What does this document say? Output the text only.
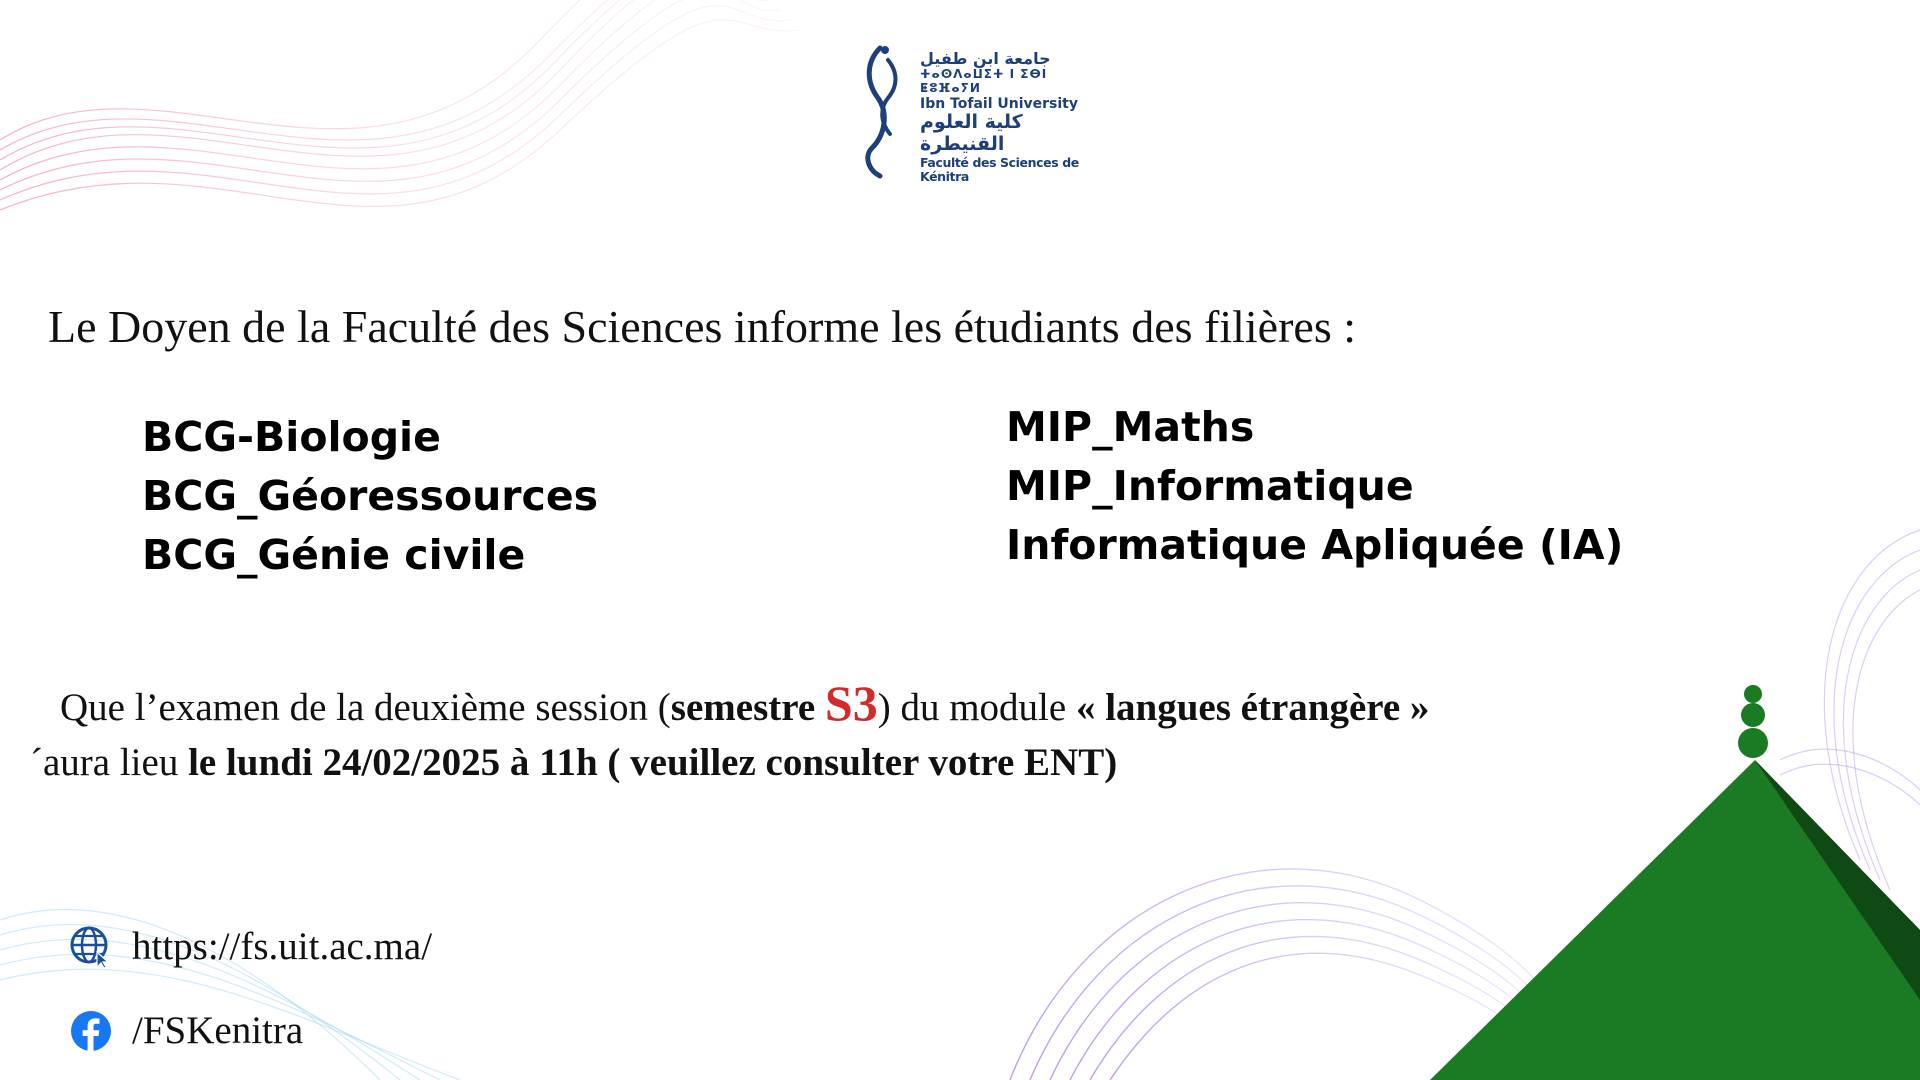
جامعة ابن طفيل
ⵜⴰⵙⴷⴰⵡⵉⵜ ⵏ ⵉⴱⵏ ⵟⵓⴼⴰⵢⵍ
Ibn Tofail University
كلية العلوم القنيطرة
Faculté des Sciences de Kénitra
Le Doyen de la Faculté des Sciences informe les étudiants des filières :
BCG-Biologie
BCG_Géoressources
BCG_Génie civile
MIP_Maths
MIP_Informatique
Informatique Apliquée (IA)
Que l’examen de la deuxième session (semestre S3) du module « langues étrangère »
´aura lieu le lundi 24/02/2025 à 11h ( veuillez consulter votre ENT)
https://fs.uit.ac.ma/
/FSKenitra
